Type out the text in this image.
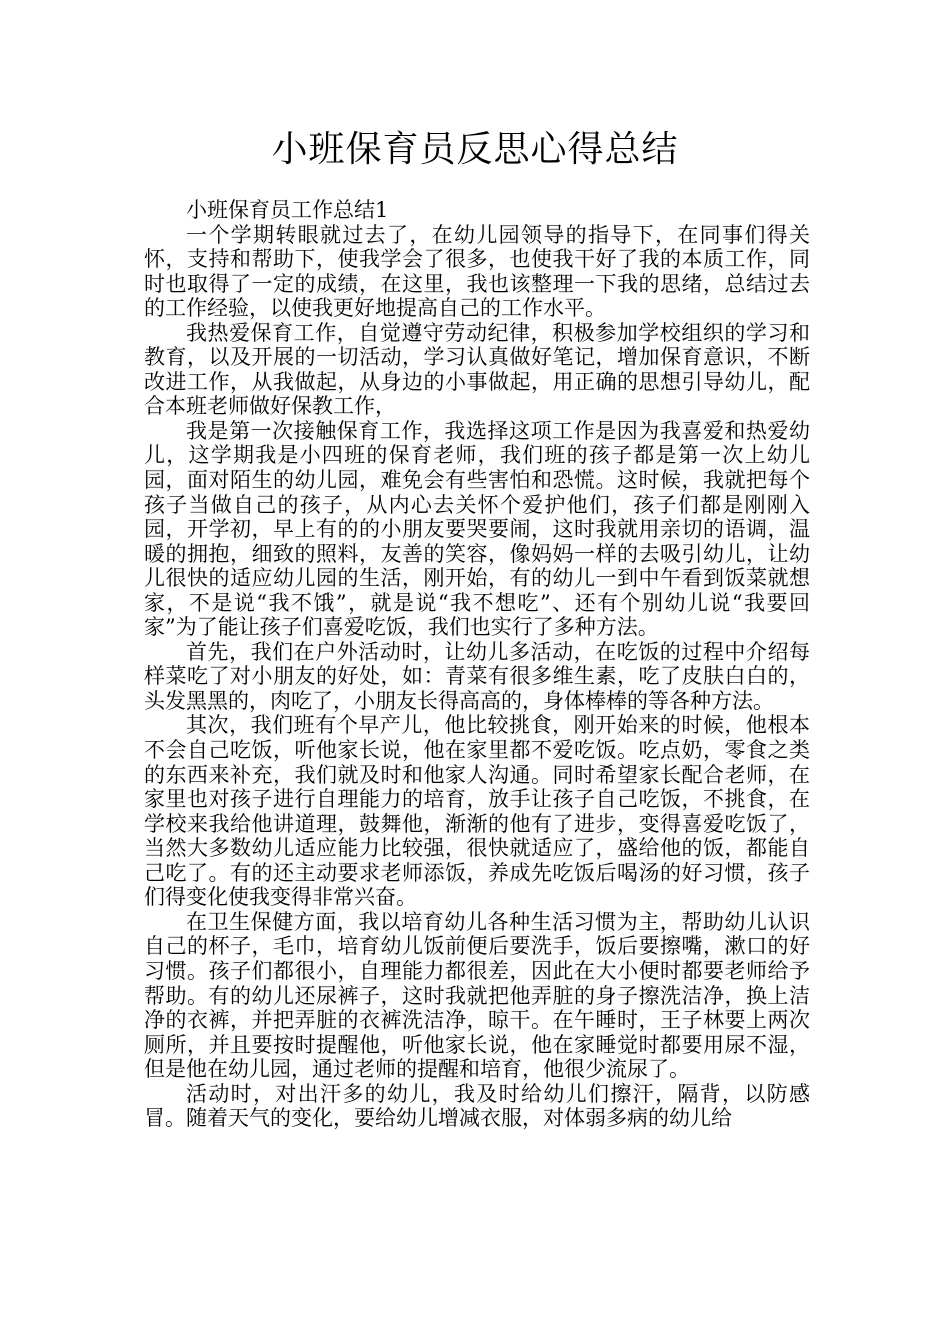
小班保育员反思心得总结

小班保育员工作总结1

一个学期转眼就过去了，在幼儿园领导的指导下，在同事们得关怀，支持和帮助下，使我学会了很多，也使我干好了我的本质工作，同时也取得了一定的成绩，在这里，我也该整理一下我的思绪，总结过去的工作经验，以使我更好地提高自己的工作水平。

我热爱保育工作，自觉遵守劳动纪律，积极参加学校组织的学习和教育，以及开展的一切活动，学习认真做好笔记，增加保育意识，不断改进工作，从我做起，从身边的小事做起，用正确的思想引导幼儿，配合本班老师做好保教工作，

我是第一次接触保育工作，我选择这项工作是因为我喜爱和热爱幼儿，这学期我是小四班的保育老师，我们班的孩子都是第一次上幼儿园，面对陌生的幼儿园，难免会有些害怕和恐慌。这时候，我就把每个孩子当做自己的孩子，从内心去关怀个爱护他们，孩子们都是刚刚入园，开学初，早上有的的小朋友要哭要闹，这时我就用亲切的语调，温暖的拥抱，细致的照料，友善的笑容，像妈妈一样的去吸引幼儿，让幼儿很快的适应幼儿园的生活，刚开始，有的幼儿一到中午看到饭菜就想家，不是说“我不饿”，就是说“我不想吃”、还有个别幼儿说“我要回家”为了能让孩子们喜爱吃饭，我们也实行了多种方法。

首先，我们在户外活动时，让幼儿多活动，在吃饭的过程中介绍每样菜吃了对小朋友的好处，如：青菜有很多维生素，吃了皮肤白白的，头发黑黑的，肉吃了，小朋友长得高高的，身体棒棒的等各种方法。

其次，我们班有个早产儿，他比较挑食，刚开始来的时候，他根本不会自己吃饭，听他家长说，他在家里都不爱吃饭。吃点奶，零食之类的东西来补充，我们就及时和他家人沟通。同时希望家长配合老师，在家里也对孩子进行自理能力的培育，放手让孩子自己吃饭，不挑食，在学校来我给他讲道理，鼓舞他，渐渐的他有了进步，变得喜爱吃饭了，当然大多数幼儿适应能力比较强，很快就适应了，盛给他的饭，都能自己吃了。有的还主动要求老师添饭，养成先吃饭后喝汤的好习惯，孩子们得变化使我变得非常兴奋。

在卫生保健方面，我以培育幼儿各种生活习惯为主，帮助幼儿认识自己的杯子，毛巾，培育幼儿饭前便后要洗手，饭后要擦嘴，漱口的好习惯。孩子们都很小，自理能力都很差，因此在大小便时都要老师给予帮助。有的幼儿还尿裤子，这时我就把他弄脏的身子擦洗洁净，换上洁净的衣裤，并把弄脏的衣裤洗洁净，晾干。在午睡时，王子林要上两次厕所，并且要按时提醒他，听他家长说，他在家睡觉时都要用尿不湿，但是他在幼儿园，通过老师的提醒和培育，他很少流尿了。

活动时，对出汗多的幼儿，我及时给幼儿们擦汗，隔背，以防感冒。随着天气的变化，要给幼儿增减衣服，对体弱多病的幼儿给
